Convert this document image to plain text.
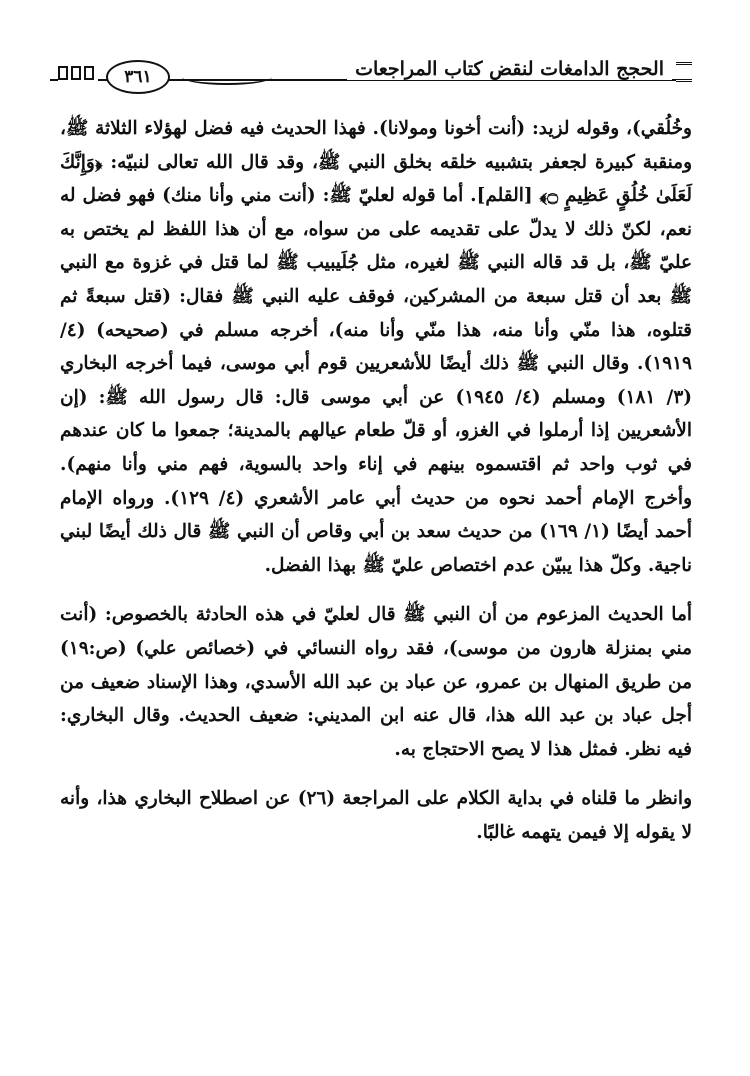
الحجج الدامغات لنقض كتاب المراجعات
٣٦١

وخُلُقي)، وقوله لزيد: (أنت أخونا ومولانا). فهذا الحديث فيه فضل لهؤلاء الثلاثة ﷺ، ومنقبة كبيرة لجعفر بتشبيه خلقه بخلق النبي ﷺ، وقد قال الله تعالى لنبيّه: ﴿وَإِنَّكَ لَعَلَىٰ خُلُقٍ عَظِيمٍ ۝﴾ [القلم]. أما قوله لعليّ ﷺ: (أنت مني وأنا منك) فهو فضل له نعم، لكنّ ذلك لا يدلّ على تقديمه على من سواه، مع أن هذا اللفظ لم يختص به عليّ ﷺ، بل قد قاله النبي ﷺ لغيره، مثل جُلَيبيب ﷺ لما قتل في غزوة مع النبي ﷺ بعد أن قتل سبعة من المشركين، فوقف عليه النبي ﷺ فقال: (قتل سبعةً ثم قتلوه، هذا منّي وأنا منه، هذا منّي وأنا منه)، أخرجه مسلم في (صحيحه) (٤/ ١٩١٩). وقال النبي ﷺ ذلك أيضًا للأشعريين قوم أبي موسى، فيما أخرجه البخاري (٣/ ١٨١) ومسلم (٤/ ١٩٤٥) عن أبي موسى قال: قال رسول الله ﷺ: (إن الأشعريين إذا أرملوا في الغزو، أو قلّ طعام عيالهم بالمدينة؛ جمعوا ما كان عندهم في ثوب واحد ثم اقتسموه بينهم في إناء واحد بالسوية، فهم مني وأنا منهم). وأخرج الإمام أحمد نحوه من حديث أبي عامر الأشعري (٤/ ١٢٩). ورواه الإمام أحمد أيضًا (١/ ١٦٩) من حديث سعد بن أبي وقاص أن النبي ﷺ قال ذلك أيضًا لبني ناجية. وكلّ هذا يبيّن عدم اختصاص عليّ ﷺ بهذا الفضل.

أما الحديث المزعوم من أن النبي ﷺ قال لعليّ في هذه الحادثة بالخصوص: (أنت مني بمنزلة هارون من موسى)، فقد رواه النسائي في (خصائص علي) (ص:١٩) من طريق المنهال بن عمرو، عن عباد بن عبد الله الأسدي، وهذا الإسناد ضعيف من أجل عباد بن عبد الله هذا، قال عنه ابن المديني: ضعيف الحديث. وقال البخاري: فيه نظر. فمثل هذا لا يصح الاحتجاج به.

وانظر ما قلناه في بداية الكلام على المراجعة (٢٦) عن اصطلاح البخاري هذا، وأنه لا يقوله إلا فيمن يتهمه غالبًا.
